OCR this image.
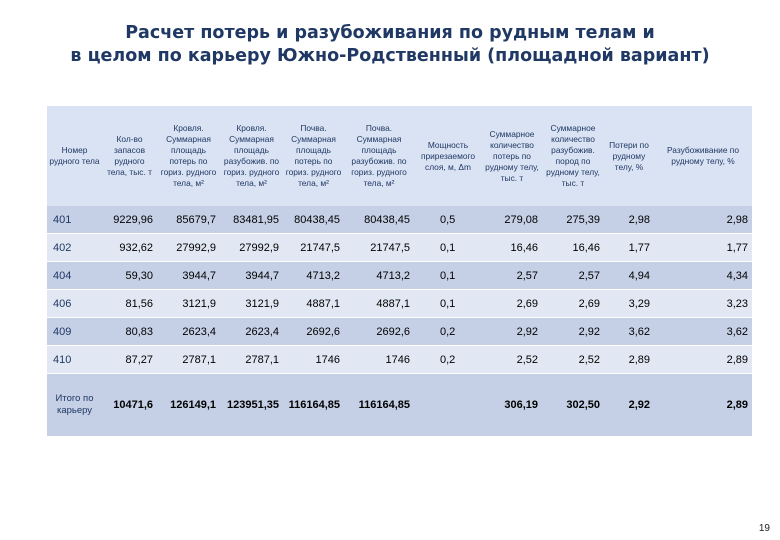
Расчет потерь и разубоживания по рудным телам и
в целом по карьеру Южно-Родственный (площадной вариант)
Номер рудного тела	Кол-во запасов рудного тела, тыс. т	Кровля. Суммарная площадь потерь по гориз. рудного тела, м²	Кровля. Суммарная площадь разубожив. по гориз. рудного тела, м²	Почва. Суммарная площадь потерь по гориз. рудного тела, м²	Почва. Суммарная площадь разубожив. по гориз. рудного тела, м²	Мощность прирезаемого слоя, м, Δm	Суммарное количество потерь по рудному телу, тыс. т	Суммарное количество разубожив. пород по рудному телу, тыс. т	Потери по рудному телу, %	Разубоживание по рудному телу, %
401	9229,96	85679,7	83481,95	80438,45	80438,45	0,5	279,08	275,39	2,98	2,98
402	932,62	27992,9	27992,9	21747,5	21747,5	0,1	16,46	16,46	1,77	1,77
404	59,30	3944,7	3944,7	4713,2	4713,2	0,1	2,57	2,57	4,94	4,34
406	81,56	3121,9	3121,9	4887,1	4887,1	0,1	2,69	2,69	3,29	3,23
409	80,83	2623,4	2623,4	2692,6	2692,6	0,2	2,92	2,92	3,62	3,62
410	87,27	2787,1	2787,1	1746	1746	0,2	2,52	2,52	2,89	2,89
Итого по карьеру	10471,6	126149,1	123951,35	116164,85	116164,85		306,19	302,50	2,92	2,89
19
